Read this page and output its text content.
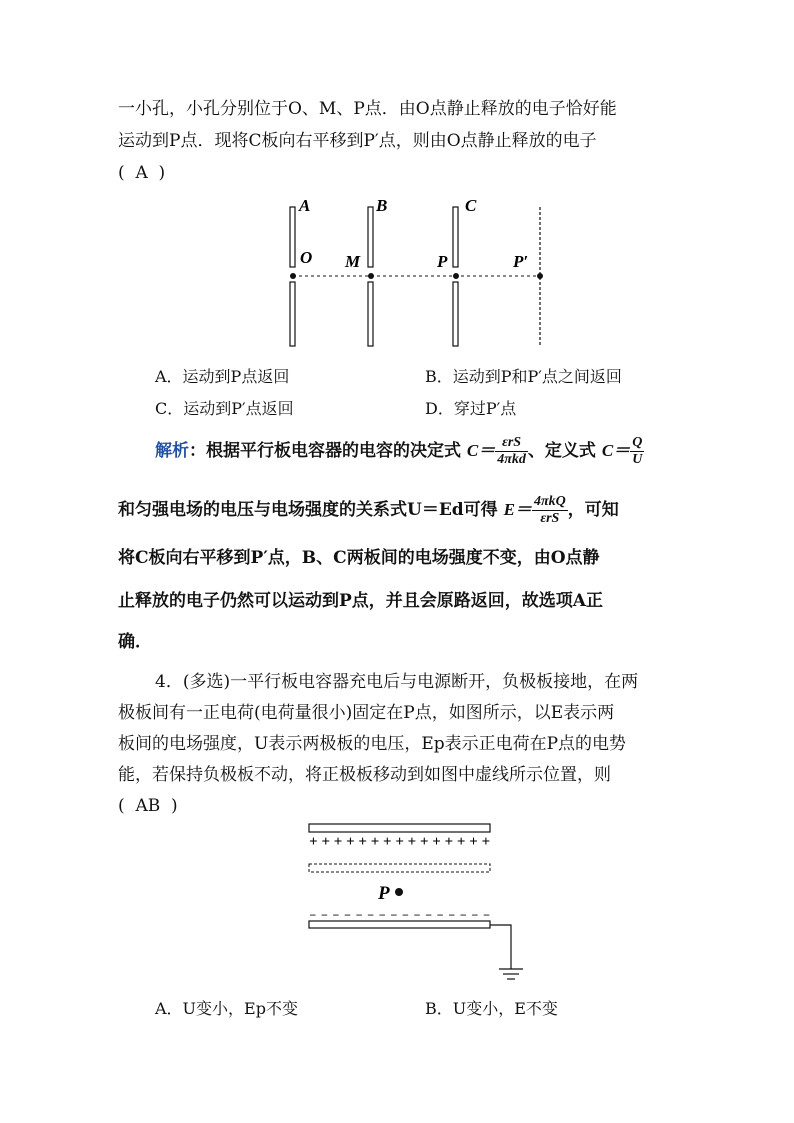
一小孔，小孔分别位于O、M、P点．由O点静止释放的电子恰好能
运动到P点．现将C板向右平移到P′点，则由O点静止释放的电子
(  A  )
A	B	C
O M	P	P′
A．运动到P点返回	B．运动到P和P′点之间返回
C．运动到P′点返回	D．穿过P′点
解析：根据平行板电容器的电容的决定式 $C= \frac{\text{εrS}}{\text{4πkd}}$ 、定义式 $C= \frac{Q}{U}$
和匀强电场的电压与电场强度的关系式U＝Ed可得 $E= \frac{\text{4πkQ}}{\text{εrS}}$ ，可知
将C板向右平移到P′点，B、C两板间的电场强度不变，由O点静
止释放的电子仍然可以运动到P点，并且会原路返回，故选项A正
确．
4．(多选)一平行板电容器充电后与电源断开，负极板接地，在两
极板间有一正电荷(电荷量很小)固定在P点，如图所示，以E表示两
板间的电场强度，U表示两极板的电压，Ep表示正电荷在P点的电势
能，若保持负极板不动，将正极板移动到如图中虚线所示位置，则
(  AB  )
+++++++++++++++
P
−−−−−−−−−−−−−−−−
A．U变小，Ep不变	B．U变小，E不变
